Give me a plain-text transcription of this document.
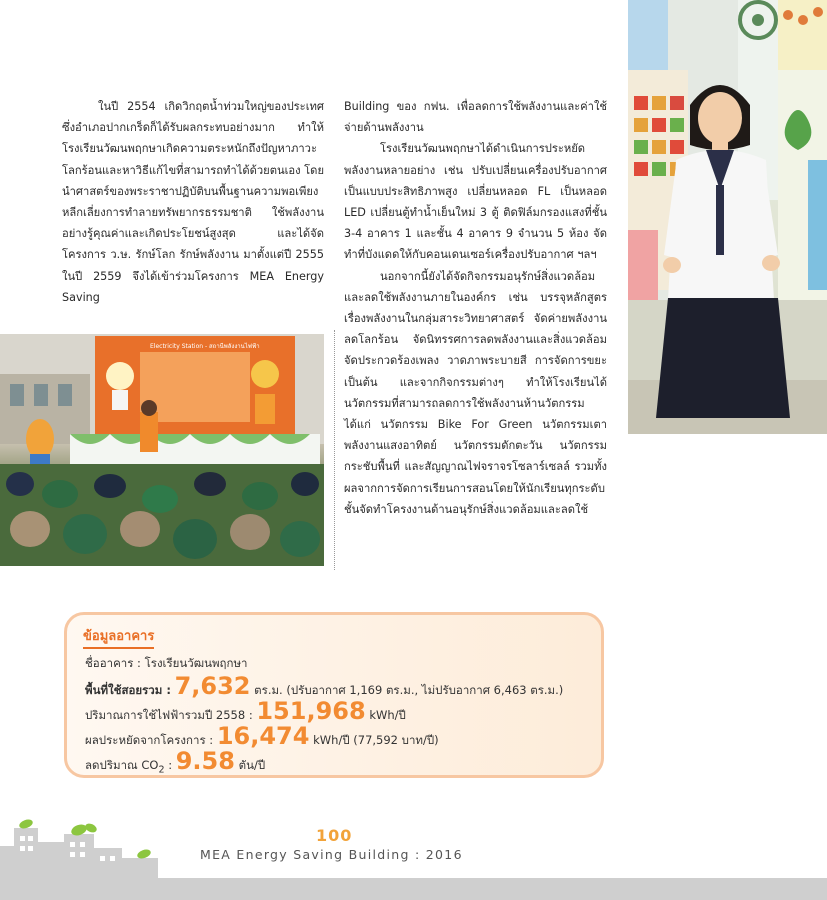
ในปี 2554 เกิดวิกฤตน้ำท่วมใหญ่ของประเทศ ซึ่งอำเภอปากเกร็ดก็ได้รับผลกระทบอย่างมาก ทำให้โรงเรียนวัฒนพฤกษาเกิดความตระหนักถึงปัญหาภาวะโลกร้อนและหาวิธีแก้ไขที่สามารถทำได้ด้วยตนเอง โดยนำศาสตร์ของพระราชาปฏิบัติบนพื้นฐานความพอเพียง หลีกเลี่ยงการทำลายทรัพยากรธรรมชาติ ใช้พลังงานอย่างรู้คุณค่าและเกิดประโยชน์สูงสุด และได้จัดโครงการ ว.ษ. รักษ์โลก รักษ์พลังงาน มาตั้งแต่ปี 2555 ในปี 2559 จึงได้เข้าร่วมโครงการ MEA Energy Saving

Building ของ กฟน. เพื่อลดการใช้พลังงานและค่าใช้จ่ายด้านพลังงาน

โรงเรียนวัฒนพฤกษาได้ดำเนินการประหยัดพลังงานหลายอย่าง เช่น ปรับเปลี่ยนเครื่องปรับอากาศเป็นแบบประสิทธิภาพสูง เปลี่ยนหลอด FL เป็นหลอด LED เปลี่ยนตู้ทำน้ำเย็นใหม่ 3 ตู้ ติดฟิล์มกรองแสงที่ชั้น 3-4 อาคาร 1 และชั้น 4 อาคาร 9 จำนวน 5 ห้อง จัดทำที่บังแดดให้กับคอนเดนเซอร์เครื่องปรับอากาศ ฯลฯ

นอกจากนี้ยังได้จัดกิจกรรมอนุรักษ์สิ่งแวดล้อมและลดใช้พลังงานภายในองค์กร เช่น บรรจุหลักสูตรเรื่องพลังงานในกลุ่มสาระวิทยาศาสตร์ จัดค่ายพลังงานลดโลกร้อน จัดนิทรรศการลดพลังงานและสิ่งแวดล้อม จัดประกวดร้องเพลง วาดภาพระบายสี การจัดการขยะ เป็นต้น และจากกิจกรรมต่างๆ ทำให้โรงเรียนได้นวัตกรรมที่สามารถลดการใช้พลังงานห้านวัตกรรม ได้แก่ นวัตกรรม Bike For Green นวัตกรรมเตาพลังงานแสงอาทิตย์ นวัตกรรมดักตะวัน นวัตกรรมกระชับพื้นที่ และสัญญาณไฟจราจรโซลาร์เซลล์ รวมทั้งผลจากการจัดการเรียนการสอนโดยให้นักเรียนทุกระดับชั้นจัดทำโครงงานด้านอนุรักษ์สิ่งแวดล้อมและลดใช้

Electricity Station - สถานีพลังงานไฟฟ้า
ข้อมูลอาคาร
ชื่ออาคาร : โรงเรียนวัฒนพฤกษา
พื้นที่ใช้สอยรวม : 7,632 ตร.ม. (ปรับอากาศ 1,169 ตร.ม., ไม่ปรับอากาศ 6,463 ตร.ม.)
ปริมาณการใช้ไฟฟ้ารวมปี 2558 : 151,968 kWh/ปี
ผลประหยัดจากโครงการ : 16,474 kWh/ปี (77,592 บาท/ปี)
ลดปริมาณ $CO_2$ : 9.58 ตัน/ปี
100
MEA Energy Saving Building : 2016
